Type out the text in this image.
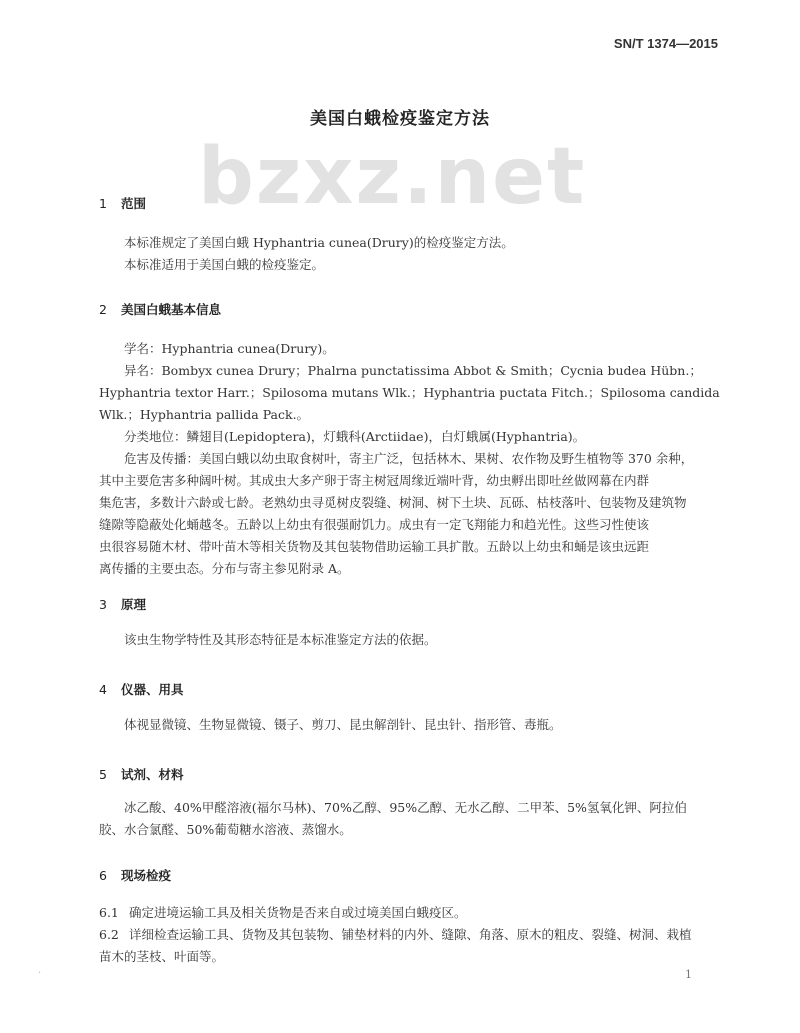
SN/T 1374—2015
bzxz.net
美国白蛾检疫鉴定方法
1 范围
本标准规定了美国白蛾 Hyphantria cunea(Drury)的检疫鉴定方法。
本标准适用于美国白蛾的检疫鉴定。
2 美国白蛾基本信息
学名：Hyphantria cunea(Drury)。
异名：Bombyx cunea Drury；Phalrna punctatissima Abbot & Smith；Cycnia budea Hübn.；
Hyphantria textor Harr.；Spilosoma mutans Wlk.；Hyphantria puctata Fitch.；Spilosoma candida
Wlk.；Hyphantria pallida Pack.。
分类地位：鳞翅目(Lepidoptera)，灯蛾科(Arctiidae)，白灯蛾属(Hyphantria)。
危害及传播：美国白蛾以幼虫取食树叶，寄主广泛，包括林木、果树、农作物及野生植物等 370 余种，
其中主要危害多种阔叶树。其成虫大多产卵于寄主树冠周缘近端叶背，幼虫孵出即吐丝做网幕在内群
集危害，多数计六龄或七龄。老熟幼虫寻觅树皮裂缝、树洞、树下土块、瓦砾、枯枝落叶、包装物及建筑物
缝隙等隐蔽处化蛹越冬。五龄以上幼虫有很强耐饥力。成虫有一定飞翔能力和趋光性。这些习性使该
虫很容易随木材、带叶苗木等相关货物及其包装物借助运输工具扩散。五龄以上幼虫和蛹是该虫远距
离传播的主要虫态。分布与寄主参见附录 A。
3 原理
该虫生物学特性及其形态特征是本标准鉴定方法的依据。
4 仪器、用具
体视显微镜、生物显微镜、镊子、剪刀、昆虫解剖针、昆虫针、指形管、毒瓶。
5 试剂、材料
冰乙酸、40%甲醛溶液(福尔马林)、70%乙醇、95%乙醇、无水乙醇、二甲苯、5%氢氧化钾、阿拉伯
胶、水合氯醛、50%葡萄糖水溶液、蒸馏水。
6 现场检疫
6.1 确定进境运输工具及相关货物是否来自或过境美国白蛾疫区。
6.2 详细检查运输工具、货物及其包装物、铺垫材料的内外、缝隙、角落、原木的粗皮、裂缝、树洞、栽植
苗木的茎枝、叶面等。
·	1
